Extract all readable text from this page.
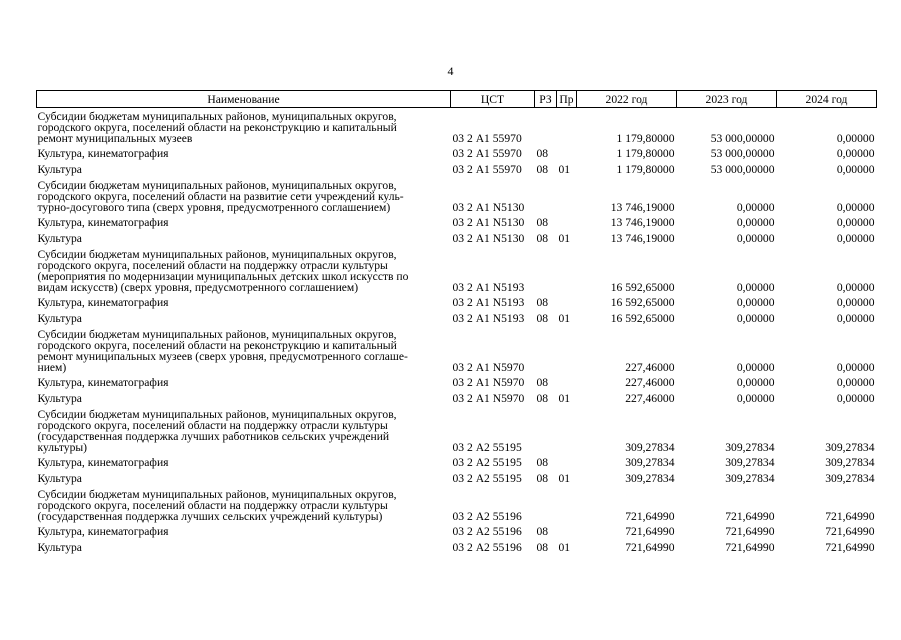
4
Наименование	ЦСТ	РЗ	Пр	2022 год	2023 год	2024 год
Субсидии бюджетам муниципальных районов, муниципальных округов,
городского округа, поселений области на реконструкцию и капитальный
ремонт муниципальных музеев	03 2 А1 55970			1 179,80000	53 000,00000	0,00000
Культура, кинематография	03 2 А1 55970	08		1 179,80000	53 000,00000	0,00000
Культура	03 2 А1 55970	08	01	1 179,80000	53 000,00000	0,00000
Субсидии бюджетам муниципальных районов, муниципальных округов,
городского округа, поселений области на развитие сети учреждений куль-
турно-досугового типа (сверх уровня, предусмотренного соглашением)	03 2 А1 N5130			13 746,19000	0,00000	0,00000
Культура, кинематография	03 2 А1 N5130	08		13 746,19000	0,00000	0,00000
Культура	03 2 А1 N5130	08	01	13 746,19000	0,00000	0,00000
Субсидии бюджетам муниципальных районов, муниципальных округов,
городского округа, поселений области на поддержку отрасли культуры
(мероприятия по модернизации муниципальных детских школ искусств по
видам искусств) (сверх уровня, предусмотренного соглашением)	03 2 А1 N5193			16 592,65000	0,00000	0,00000
Культура, кинематография	03 2 А1 N5193	08		16 592,65000	0,00000	0,00000
Культура	03 2 А1 N5193	08	01	16 592,65000	0,00000	0,00000
Субсидии бюджетам муниципальных районов, муниципальных округов,
городского округа, поселений области на реконструкцию и капитальный
ремонт муниципальных музеев (сверх уровня, предусмотренного соглаше-
нием)	03 2 А1 N5970			227,46000	0,00000	0,00000
Культура, кинематография	03 2 А1 N5970	08		227,46000	0,00000	0,00000
Культура	03 2 А1 N5970	08	01	227,46000	0,00000	0,00000
Субсидии бюджетам муниципальных районов, муниципальных округов,
городского округа, поселений области на поддержку отрасли культуры
(государственная поддержка лучших работников сельских учреждений
культуры)	03 2 А2 55195			309,27834	309,27834	309,27834
Культура, кинематография	03 2 А2 55195	08		309,27834	309,27834	309,27834
Культура	03 2 А2 55195	08	01	309,27834	309,27834	309,27834
Субсидии бюджетам муниципальных районов, муниципальных округов,
городского округа, поселений области на поддержку отрасли культуры
(государственная поддержка лучших сельских учреждений культуры)	03 2 А2 55196			721,64990	721,64990	721,64990
Культура, кинематография	03 2 А2 55196	08		721,64990	721,64990	721,64990
Культура	03 2 А2 55196	08	01	721,64990	721,64990	721,64990
